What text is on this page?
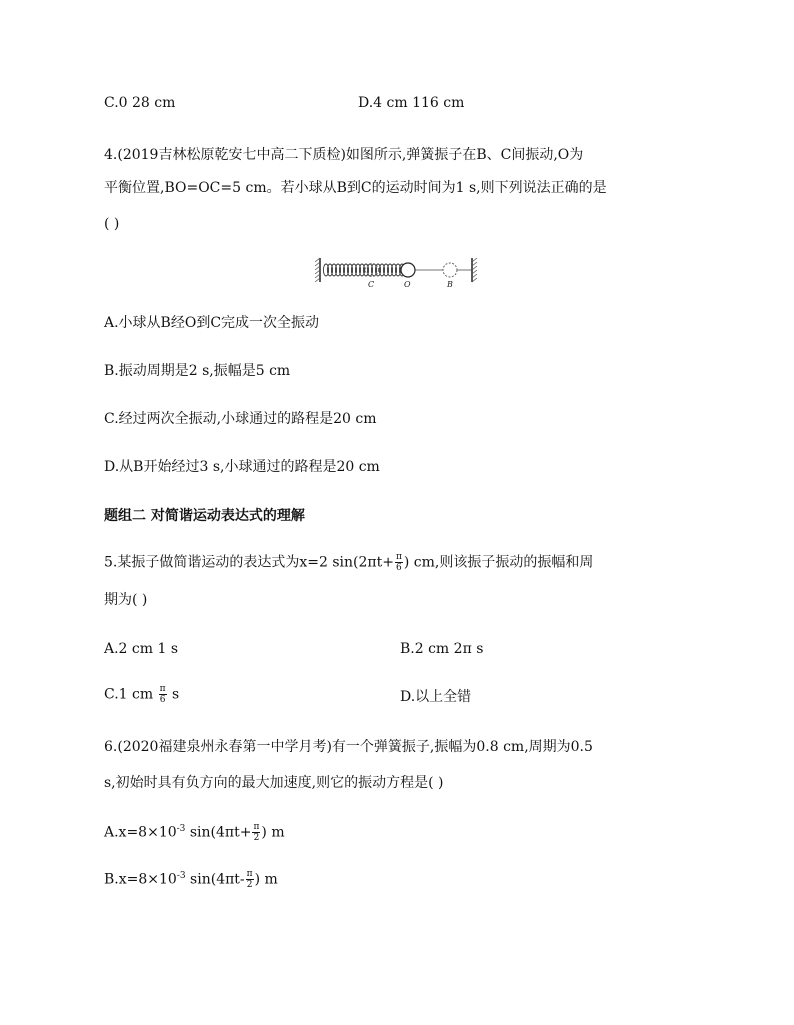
C.0 28 cm	D.4 cm 116 cm
4.(2019吉林松原乾安七中高二下质检)如图所示,弹簧振子在B、C间振动,O为
平衡位置,BO=OC=5 cm。若小球从B到C的运动时间为1 s,则下列说法正确的是
( )
C	O	B
A.小球从B经O到C完成一次全振动
B.振动周期是2 s,振幅是5 cm
C.经过两次全振动,小球通过的路程是20 cm
D.从B开始经过3 s,小球通过的路程是20 cm
题组二 对简谐运动表达式的理解
5.某振子做简谐运动的表达式为x=2 $\sin(2\pi t+ \frac{\pi}{6}$ ) cm,则该振子振动的振幅和周
期为( )
A.2 cm 1 s	B.2 cm 2π s
C.1 cm $\frac{\pi}{6}$ s	D.以上全错
6.(2020福建泉州永春第一中学月考)有一个弹簧振子,振幅为0.8 cm,周期为0.5
s,初始时具有负方向的最大加速度,则它的振动方程是( )
$A.x=8\times 10^{-3}$ $\sin(4\pi t+ \frac{\pi}{2}$ ) m
$B.x=8\times 10^{-3}$ $\sin(4\pi t- \frac{\pi}{2}$ ) m
